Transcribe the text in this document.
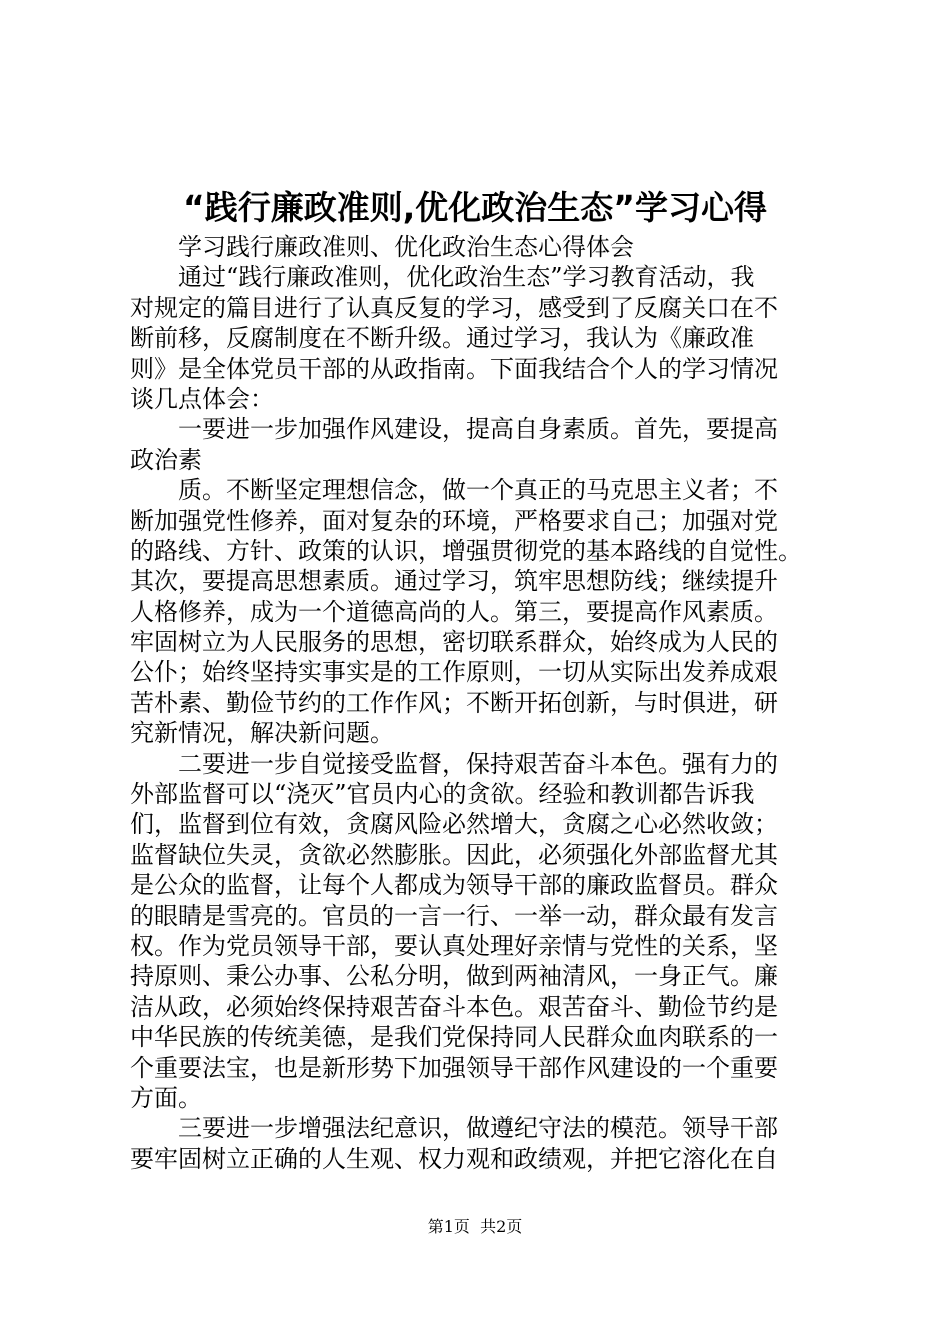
“践行廉政准则,优化政治生态”学习心得
学习践行廉政准则、优化政治生态心得体会
通过“践行廉政准则，优化政治生态”学习教育活动，我
对规定的篇目进行了认真反复的学习，感受到了反腐关口在不
断前移，反腐制度在不断升级。通过学习，我认为《廉政准
则》是全体党员干部的从政指南。下面我结合个人的学习情况
谈几点体会：
一要进一步加强作风建设，提高自身素质。首先，要提高
政治素
质。不断坚定理想信念，做一个真正的马克思主义者；不
断加强党性修养，面对复杂的环境，严格要求自己；加强对党
的路线、方针、政策的认识，增强贯彻党的基本路线的自觉性。
其次，要提高思想素质。通过学习，筑牢思想防线；继续提升
人格修养，成为一个道德高尚的人。第三，要提高作风素质。
牢固树立为人民服务的思想，密切联系群众，始终成为人民的
公仆；始终坚持实事实是的工作原则，一切从实际出发养成艰
苦朴素、勤俭节约的工作作风；不断开拓创新，与时俱进，研
究新情况，解决新问题。
二要进一步自觉接受监督，保持艰苦奋斗本色。强有力的
外部监督可以“浇灭”官员内心的贪欲。经验和教训都告诉我
们，监督到位有效，贪腐风险必然增大，贪腐之心必然收敛；
监督缺位失灵，贪欲必然膨胀。因此，必须强化外部监督尤其
是公众的监督，让每个人都成为领导干部的廉政监督员。群众
的眼睛是雪亮的。官员的一言一行、一举一动，群众最有发言
权。作为党员领导干部，要认真处理好亲情与党性的关系，坚
持原则、秉公办事、公私分明，做到两袖清风，一身正气。廉
洁从政，必须始终保持艰苦奋斗本色。艰苦奋斗、勤俭节约是
中华民族的传统美德，是我们党保持同人民群众血肉联系的一
个重要法宝，也是新形势下加强领导干部作风建设的一个重要
方面。
三要进一步增强法纪意识，做遵纪守法的模范。领导干部
要牢固树立正确的人生观、权力观和政绩观，并把它溶化在自
第1页  共2页
